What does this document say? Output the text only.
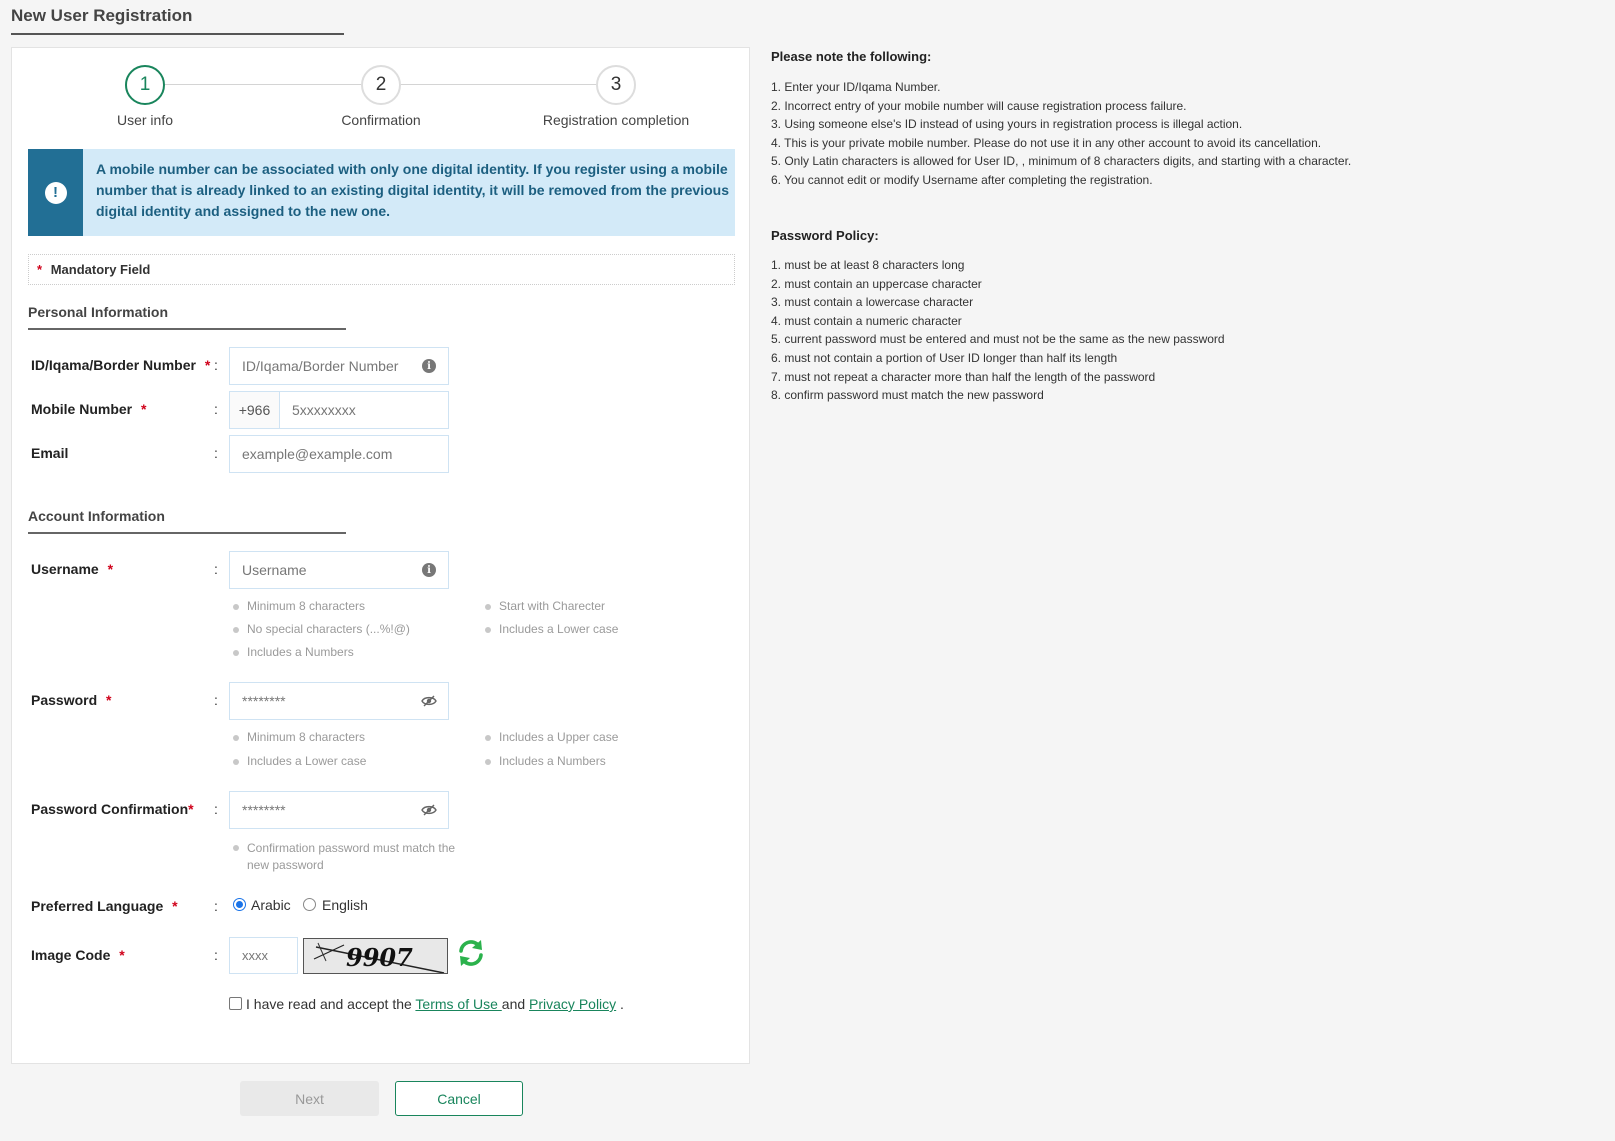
New User Registration
1
User info
2
Confirmation
3
Registration completion
!
A mobile number can be associated with only one digital identity. If you register using a mobile number that is already linked to an existing digital identity, it will be removed from the previous digital identity and assigned to the new one.
* Mandatory Field
Personal Information
ID/Iqama/Border Number * : ID/Iqama/Border Number	i
Mobile Number *	:	+966	5xxxxxxxx
Email	: example@example.com
Account Information
Username *	: Username	i
Minimum 8 characters
No special characters (...%!@)
Includes a Numbers
Start with Charecter
Includes a Lower case
Password *	: ********
Minimum 8 characters
Includes a Lower case
Includes a Upper case
Includes a Numbers
Password Confirmation* : ********
Confirmation password must match the
new password
Preferred Language *	: Arabic English
Image Code *	: xxxx	9907
I have read and accept the Terms of Use and Privacy Policy .
Next	Cancel
Please note the following:
1. Enter your ID/Iqama Number.
2. Incorrect entry of your mobile number will cause registration process failure.
3. Using someone else's ID instead of using yours in registration process is illegal action.
4. This is your private mobile number. Please do not use it in any other account to avoid its cancellation.
5. Only Latin characters is allowed for User ID, , minimum of 8 characters digits, and starting with a character.
6. You cannot edit or modify Username after completing the registration.
Password Policy:
1. must be at least 8 characters long
2. must contain an uppercase character
3. must contain a lowercase character
4. must contain a numeric character
5. current password must be entered and must not be the same as the new password
6. must not contain a portion of User ID longer than half its length
7. must not repeat a character more than half the length of the password
8. confirm password must match the new password
